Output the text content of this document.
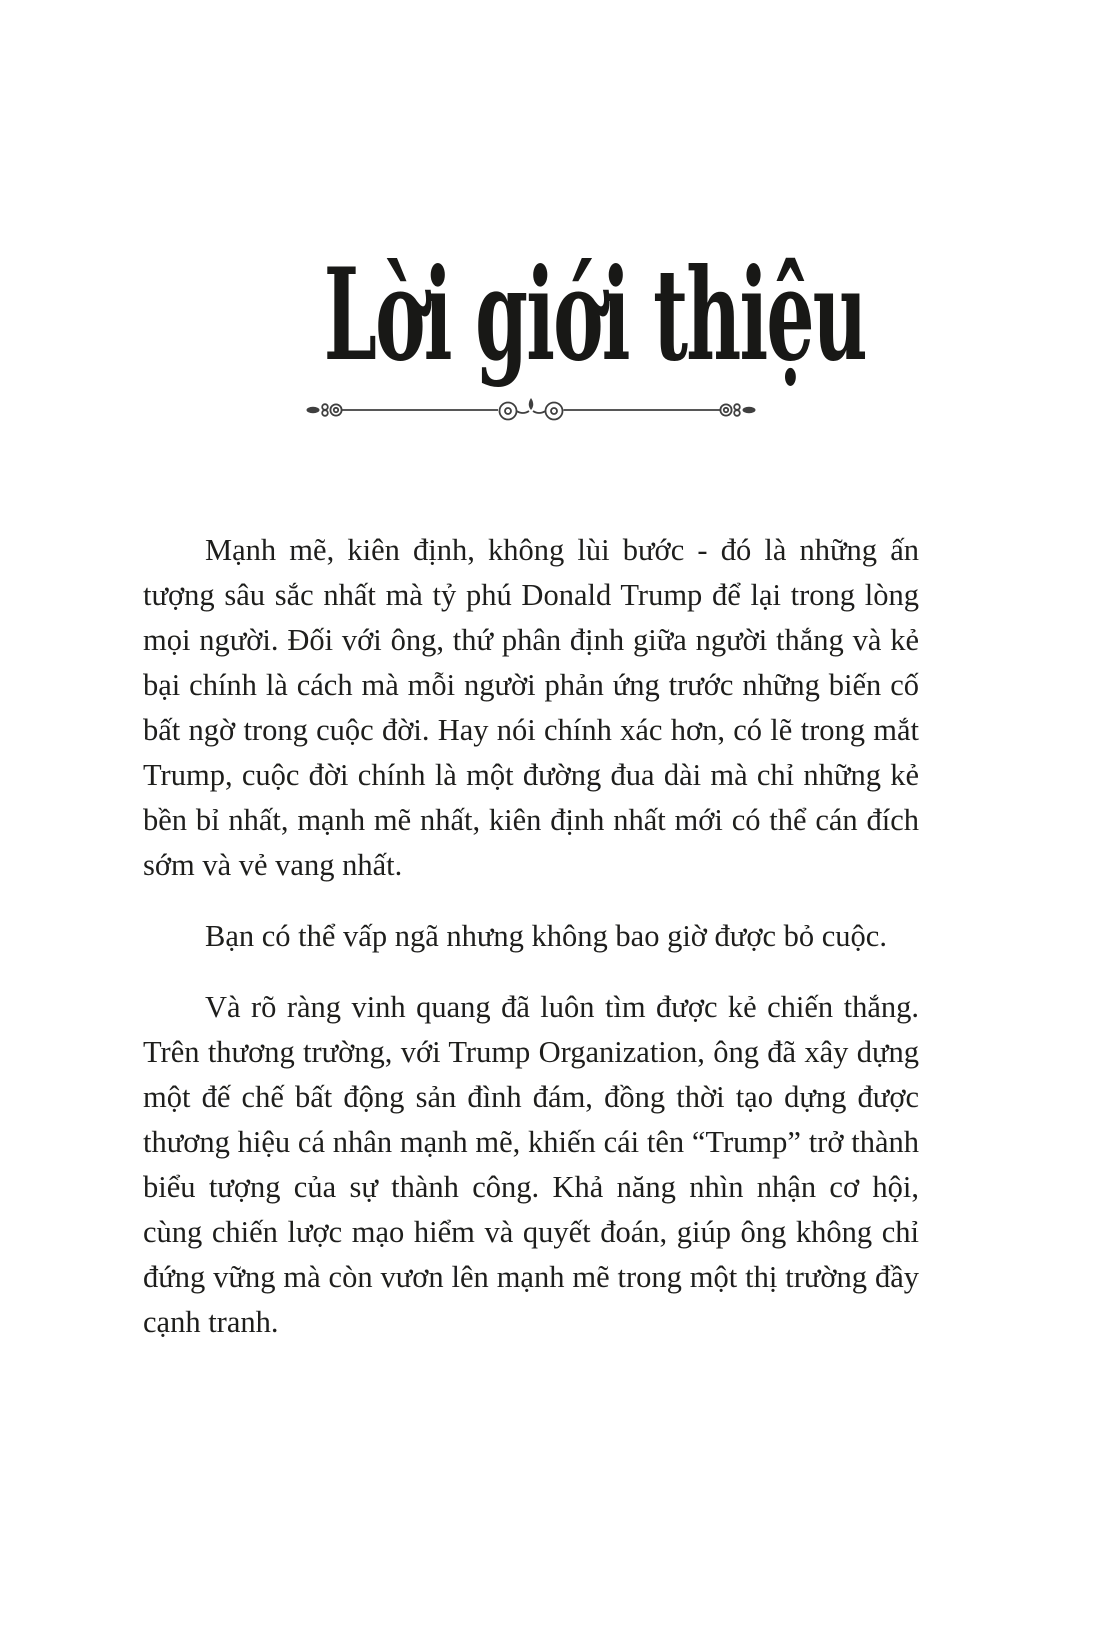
Lời giới thiệu

Mạnh mẽ, kiên định, không lùi bước - đó là những ấn tượng sâu sắc nhất mà tỷ phú Donald Trump để lại trong lòng mọi người. Đối với ông, thứ phân định giữa người thắng và kẻ bại chính là cách mà mỗi người phản ứng trước những biến cố bất ngờ trong cuộc đời. Hay nói chính xác hơn, có lẽ trong mắt Trump, cuộc đời chính là một đường đua dài mà chỉ những kẻ bền bỉ nhất, mạnh mẽ nhất, kiên định nhất mới có thể cán đích sớm và vẻ vang nhất.

Bạn có thể vấp ngã nhưng không bao giờ được bỏ cuộc.

Và rõ ràng vinh quang đã luôn tìm được kẻ chiến thắng. Trên thương trường, với Trump Organization, ông đã xây dựng một đế chế bất động sản đình đám, đồng thời tạo dựng được thương hiệu cá nhân mạnh mẽ, khiến cái tên “Trump” trở thành biểu tượng của sự thành công. Khả năng nhìn nhận cơ hội, cùng chiến lược mạo hiểm và quyết đoán, giúp ông không chỉ đứng vững mà còn vươn lên mạnh mẽ trong một thị trường đầy cạnh tranh.
